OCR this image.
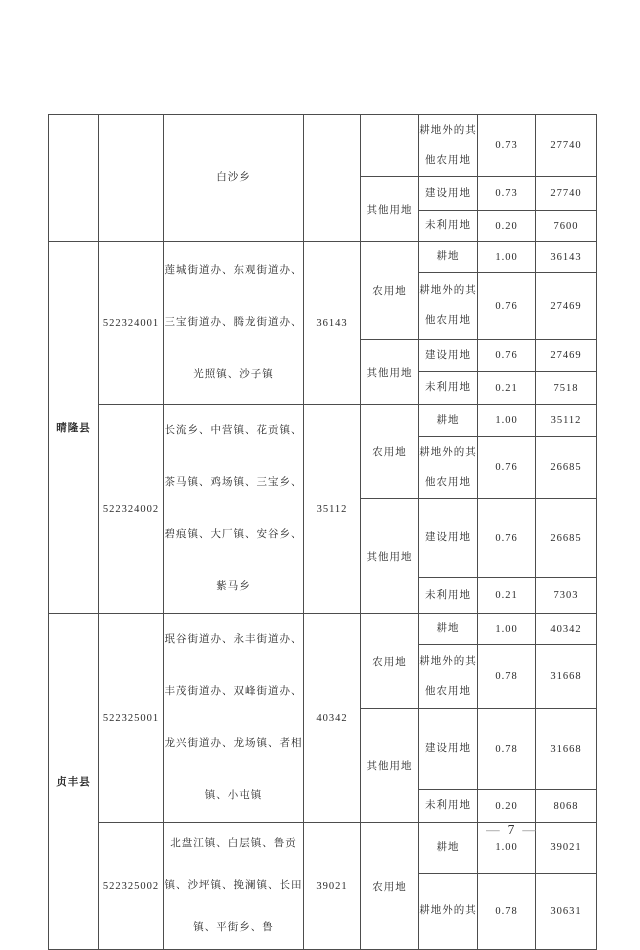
		白沙乡			耕地外的其他农用地	0.73	27740
				其他用地	建设用地	0.73	27740
					未利用地	0.20	7600
晴隆县	522324001	莲城街道办、东观街道办、三宝街道办、腾龙街道办、光照镇、沙子镇	36143	农用地	耕地	1.00	36143
					耕地外的其他农用地	0.76	27469
				其他用地	建设用地	0.76	27469
					未利用地	0.21	7518
	522324002	长流乡、中营镇、花贡镇、茶马镇、鸡场镇、三宝乡、碧痕镇、大厂镇、安谷乡、紫马乡	35112	农用地	耕地	1.00	35112
					耕地外的其他农用地	0.76	26685
				其他用地	建设用地	0.76	26685
					未利用地	0.21	7303
贞丰县	522325001	珉谷街道办、永丰街道办、丰茂街道办、双峰街道办、龙兴街道办、龙场镇、者相镇、小屯镇	40342	农用地	耕地	1.00	40342
					耕地外的其他农用地	0.78	31668
				其他用地	建设用地	0.78	31668
					未利用地	0.20	8068
	522325002	北盘江镇、白层镇、鲁贡镇、沙坪镇、挽澜镇、长田镇、平街乡、鲁	39021	农用地	耕地	1.00	39021
					耕地外的其	0.78	30631
— 7 —
